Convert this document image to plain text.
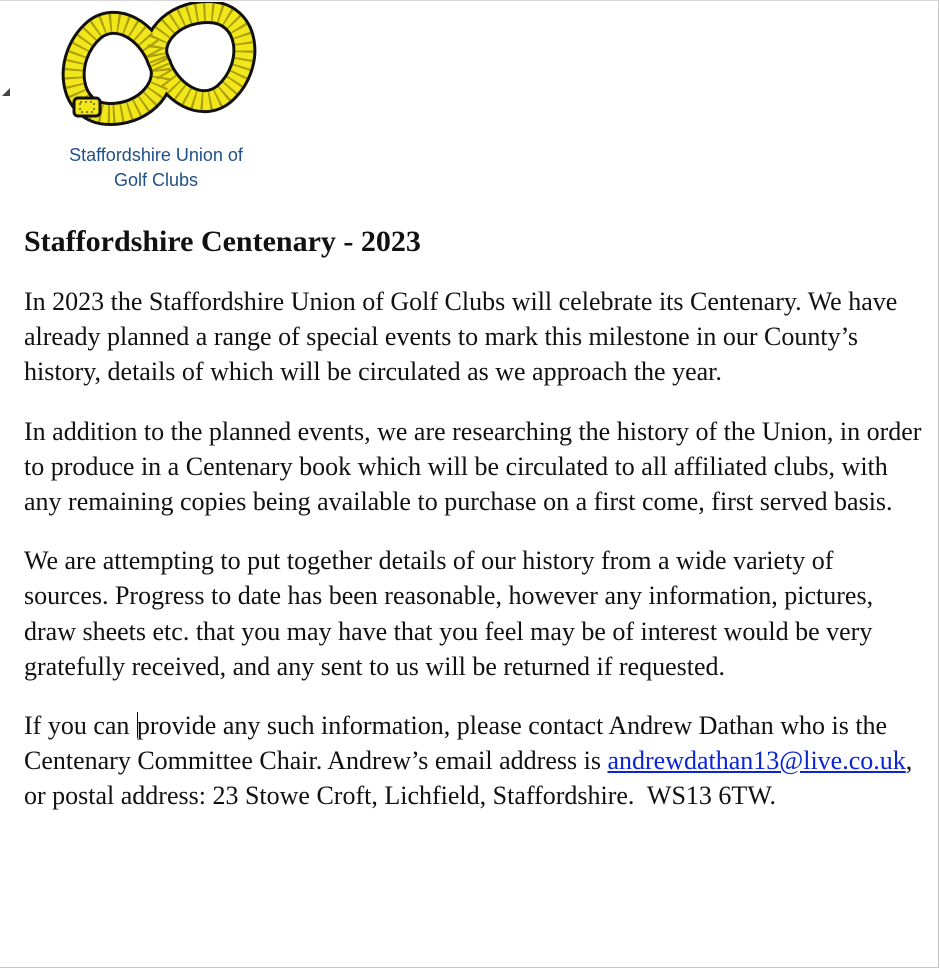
Staffordshire Union of
Golf Clubs
Staffordshire Centenary - 2023

In 2023 the Staffordshire Union of Golf Clubs will celebrate its Centenary. We have already planned a range of special events to mark this milestone in our County’s history, details of which will be circulated as we approach the year.

In addition to the planned events, we are researching the history of the Union, in order to produce in a Centenary book which will be circulated to all affiliated clubs, with any remaining copies being available to purchase on a first come, first served basis.

We are attempting to put together details of our history from a wide variety of sources. Progress to date has been reasonable, however any information, pictures, draw sheets etc. that you may have that you feel may be of interest would be very gratefully received, and any sent to us will be returned if requested.

If you can provide any such information, please contact Andrew Dathan who is the Centenary Committee Chair. Andrew’s email address is andrewdathan13@live.co.uk, or postal address: 23 Stowe Croft, Lichfield, Staffordshire.  WS13 6TW.
